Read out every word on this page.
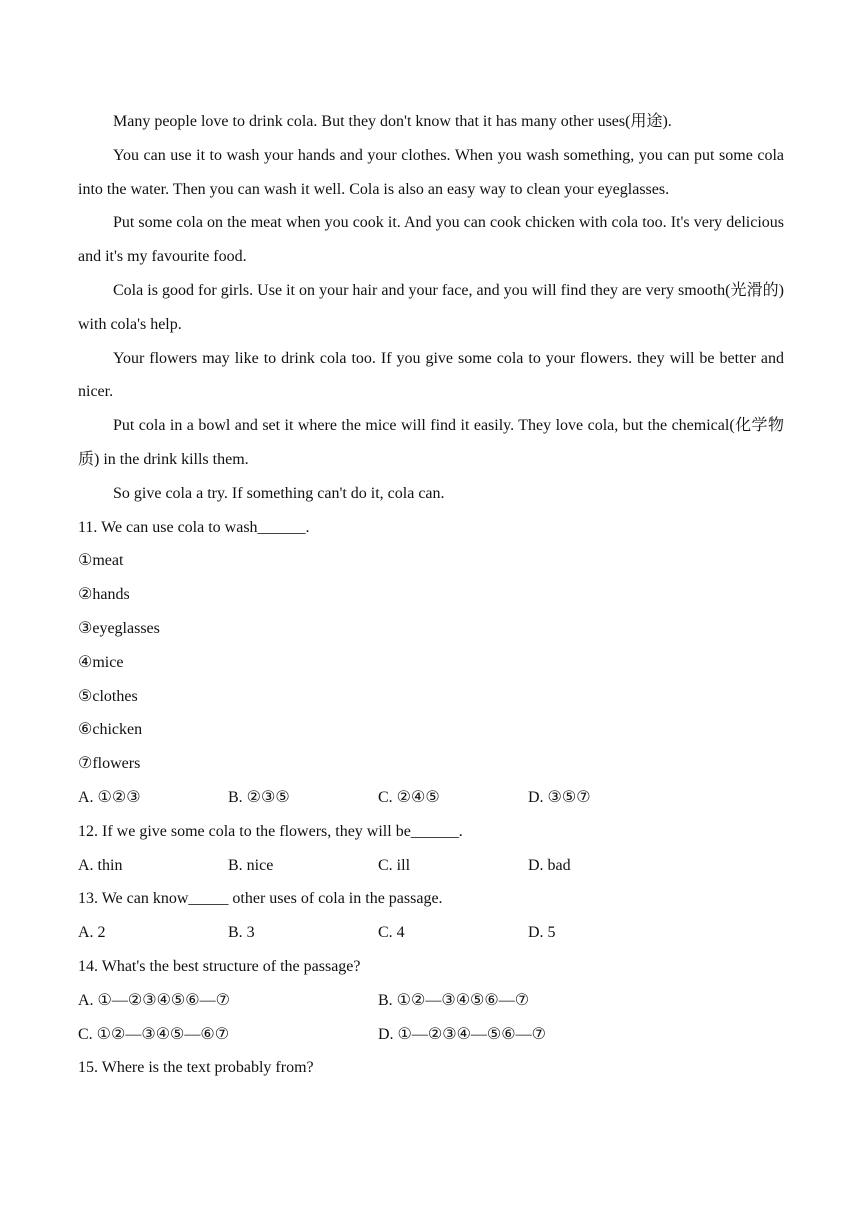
Many people love to drink cola. But they don't know that it has many other uses(用途).

You can use it to wash your hands and your clothes. When you wash something, you can put some cola into the water. Then you can wash it well. Cola is also an easy way to clean your eyeglasses.

Put some cola on the meat when you cook it. And you can cook chicken with cola too. It's very delicious and it's my favourite food.

Cola is good for girls. Use it on your hair and your face, and you will find they are very smooth(光滑的) with cola's help.

Your flowers may like to drink cola too. If you give some cola to your flowers. they will be better and nicer.

Put cola in a bowl and set it where the mice will find it easily. They love cola, but the chemical(化学物质) in the drink kills them.

So give cola a try. If something can't do it, cola can.

11. We can use cola to wash______.

①meat

②hands

③eyeglasses

④mice

⑤clothes

⑥chicken

⑦flowers

A. ①②③	B. ②③⑤	C. ②④⑤	D. ③⑤⑦

12. If we give some cola to the flowers, they will be______.

A. thin	B. nice	C. ill	D. bad

13. We can know_____ other uses of cola in the passage.

A. 2	B. 3	C. 4	D. 5

14. What's the best structure of the passage?

A. ①—②③④⑤⑥—⑦	B. ①②—③④⑤⑥—⑦
C. ①②—③④⑤—⑥⑦	D. ①—②③④—⑤⑥—⑦

15. Where is the text probably from?
